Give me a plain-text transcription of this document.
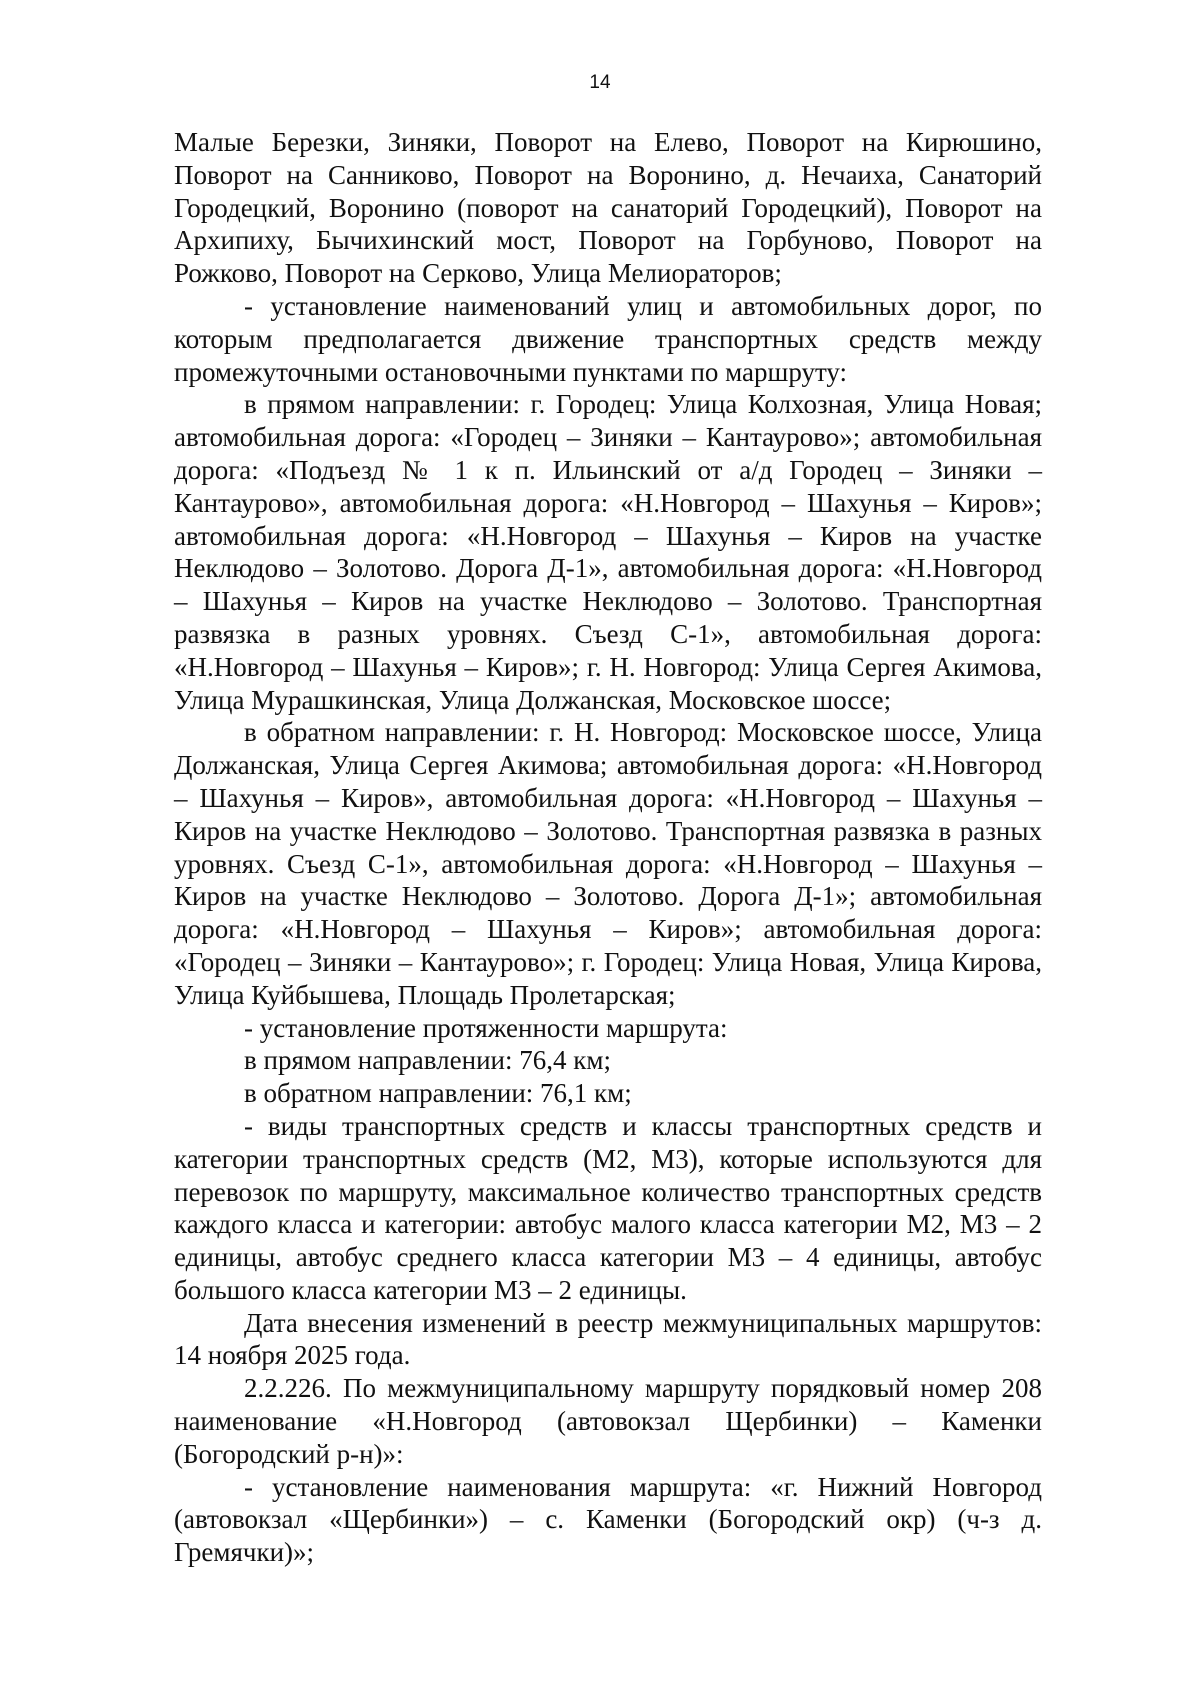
14

Малые Березки, Зиняки, Поворот на Елево, Поворот на Кирюшино, Поворот на Санниково, Поворот на Воронино, д. Нечаиха, Санаторий Городецкий, Воронино (поворот на санаторий Городецкий), Поворот на Архипиху, Бычихинский мост, Поворот на Горбуново, Поворот на Рожково, Поворот на Серково, Улица Мелиораторов;

- установление наименований улиц и автомобильных дорог, по которым предполагается движение транспортных средств между промежуточными остановочными пунктами по маршруту:

в прямом направлении: г. Городец: Улица Колхозная, Улица Новая; автомобильная дорога: «Городец – Зиняки – Кантаурово»; автомобильная дорога: «Подъезд № 1 к п. Ильинский от а/д Городец – Зиняки – Кантаурово», автомобильная дорога: «Н.Новгород – Шахунья – Киров»; автомобильная дорога: «Н.Новгород – Шахунья – Киров на участке Неклюдово – Золотово. Дорога Д-1», автомобильная дорога: «Н.Новгород – Шахунья – Киров на участке Неклюдово – Золотово. Транспортная развязка в разных уровнях. Съезд С-1», автомобильная дорога: «Н.Новгород – Шахунья – Киров»; г. Н. Новгород: Улица Сергея Акимова, Улица Мурашкинская, Улица Должанская, Московское шоссе;

в обратном направлении: г. Н. Новгород: Московское шоссе, Улица Должанская, Улица Сергея Акимова; автомобильная дорога: «Н.Новгород – Шахунья – Киров», автомобильная дорога: «Н.Новгород – Шахунья – Киров на участке Неклюдово – Золотово. Транспортная развязка в разных уровнях. Съезд С-1», автомобильная дорога: «Н.Новгород – Шахунья – Киров на участке Неклюдово – Золотово. Дорога Д-1»; автомобильная дорога: «Н.Новгород – Шахунья – Киров»; автомобильная дорога: «Городец – Зиняки – Кантаурово»; г. Городец: Улица Новая, Улица Кирова, Улица Куйбышева, Площадь Пролетарская;

- установление протяженности маршрута:

в прямом направлении: 76,4 км;

в обратном направлении: 76,1 км;

- виды транспортных средств и классы транспортных средств и категории транспортных средств (М2, М3), которые используются для перевозок по маршруту, максимальное количество транспортных средств каждого класса и категории: автобус малого класса категории М2, М3 – 2 единицы, автобус среднего класса категории М3 – 4 единицы, автобус большого класса категории М3 – 2 единицы.

Дата внесения изменений в реестр межмуниципальных маршрутов: 14 ноября 2025 года.

2.2.226. По межмуниципальному маршруту порядковый номер 208 наименование «Н.Новгород (автовокзал Щербинки) – Каменки (Богородский р-н)»:

- установление наименования маршрута: «г. Нижний Новгород (автовокзал «Щербинки») – с. Каменки (Богородский окр) (ч-з д. Гремячки)»;
